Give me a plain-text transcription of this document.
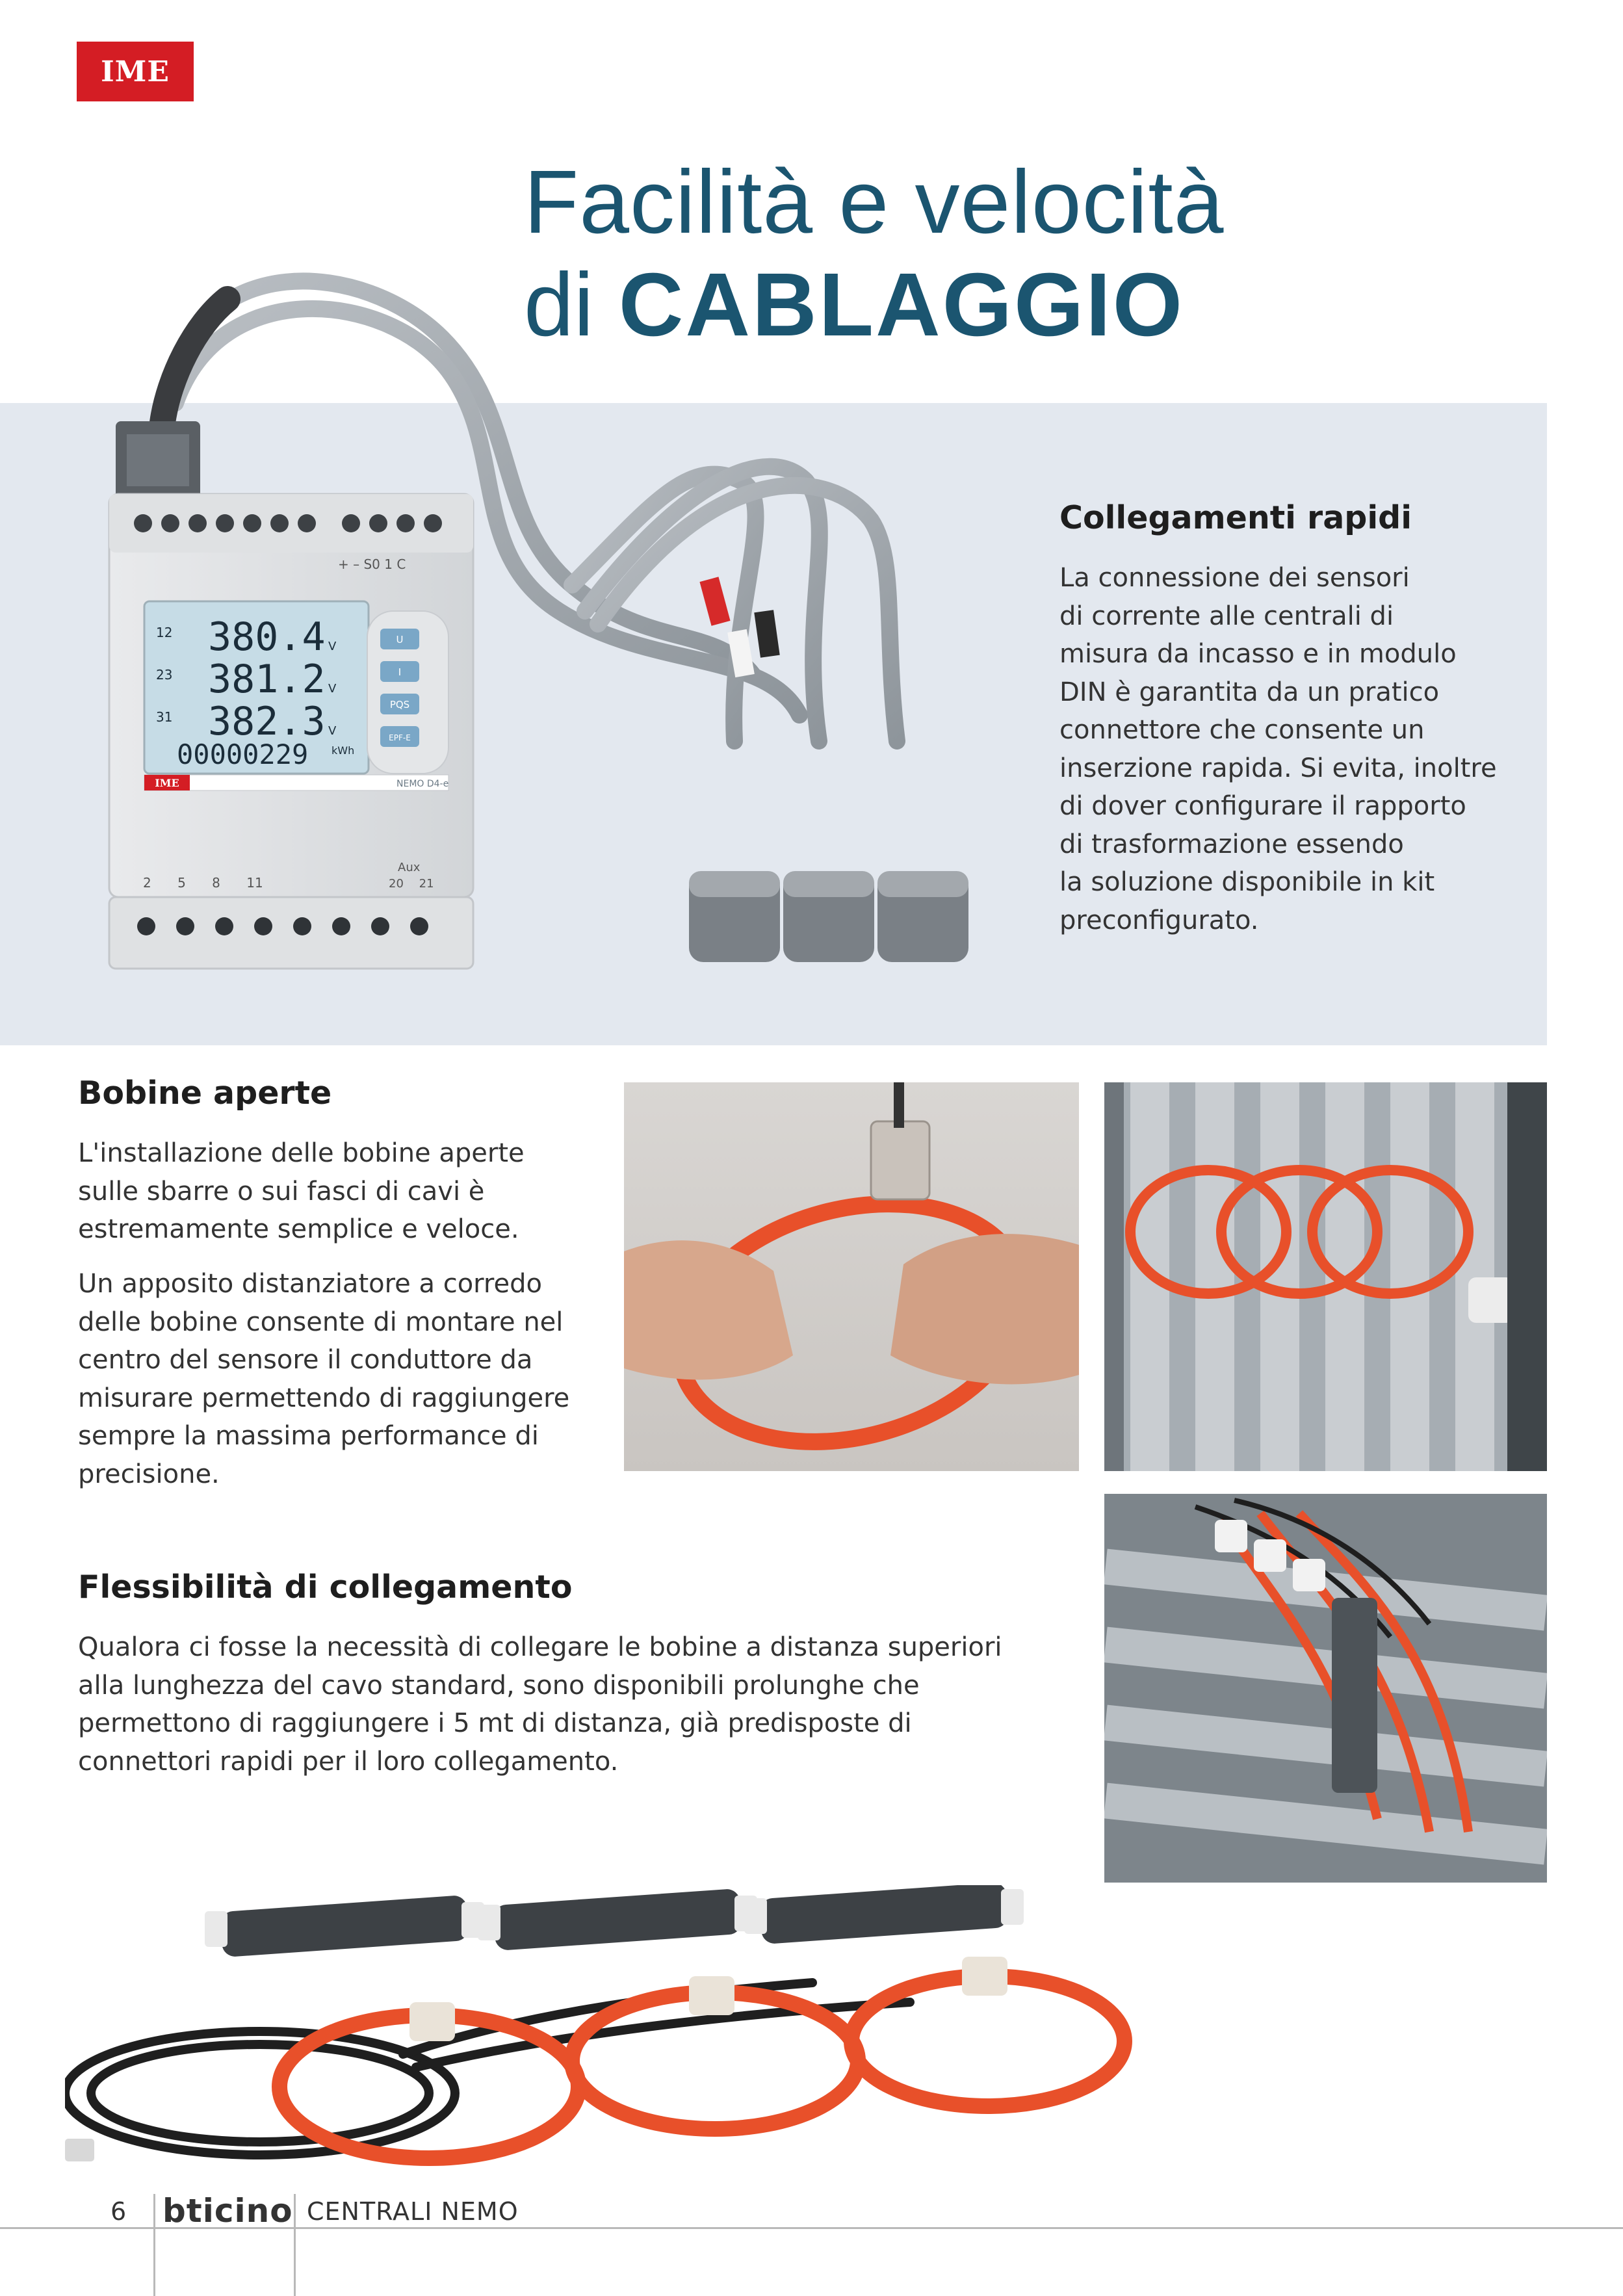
IME
Facilità e velocità
di CABLAGGIO
+ – S0 1 C
12 380.4 V
23 381.2 V
31 382.3 V
00000229 kWh
U
I
PQS
EPF-E
IME	NEMO D4-e
2 5 8 11
Aux
20 21
Collegamenti rapidi
La connessione dei sensori
di corrente alle centrali di
misura da incasso e in modulo
DIN è garantita da un pratico
connettore che consente un
inserzione rapida. Si evita, inoltre
di dover configurare il rapporto
di trasformazione essendo
la soluzione disponibile in kit
preconfigurato.
Bobine aperte
L'installazione delle bobine aperte
sulle sbarre o sui fasci di cavi è
estremamente semplice e veloce.
Un apposito distanziatore a corredo
delle bobine consente di montare nel
centro del sensore il conduttore da
misurare permettendo di raggiungere
sempre la massima performance di
precisione.
Flessibilità di collegamento
Qualora ci fosse la necessità di collegare le bobine a distanza superiori
alla lunghezza del cavo standard, sono disponibili prolunghe che
permettono di raggiungere i 5 mt di distanza, già predisposte di
connettori rapidi per il loro collegamento.
6 bticino CENTRALI NEMO
